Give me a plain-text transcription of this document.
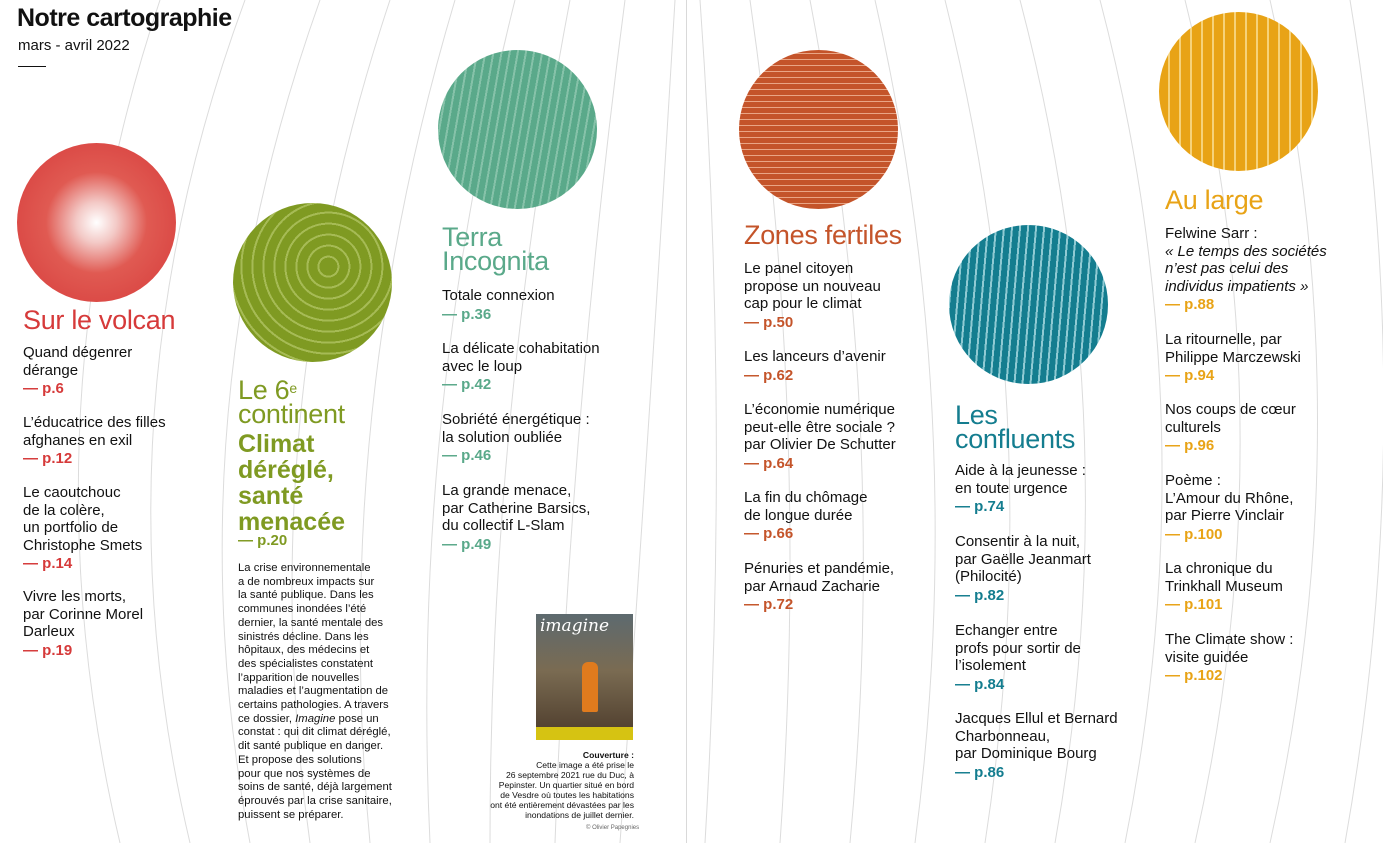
Notre cartographie
mars - avril 2022
Sur le volcan
Quand dégenrer
dérange
— p.6
L’éducatrice des filles
afghanes en exil
— p.12
Le caoutchouc
de la colère,
un portfolio de
Christophe Smets
— p.14
Vivre les morts,
par Corinne Morel
Darleux
— p.19
Le 6e
continent
Climat
déréglé,
santé
menacée
— p.20
La crise environnementale
a de nombreux impacts sur
la santé publique. Dans les
communes inondées l’été
dernier, la santé mentale des
sinistrés décline. Dans les
hôpitaux, des médecins et
des spécialistes constatent
l’apparition de nouvelles
maladies et l’augmentation de
certains pathologies. A travers
ce dossier, Imagine pose un
constat : qui dit climat déréglé,
dit santé publique en danger.
Et propose des solutions
pour que nos systèmes de
soins de santé, déjà largement
éprouvés par la crise sanitaire,
puissent se préparer.
Terra
Incognita
Totale connexion
— p.36
La délicate cohabitation
avec le loup
— p.42
Sobriété énergétique :
la solution oubliée
— p.46
La grande menace,
par Catherine Barsics,
du collectif L-Slam
— p.49
imagine
Couverture :
Cette image a été prise le
26 septembre 2021 rue du Duc, à
Pepinster. Un quartier situé en bord
de Vesdre où toutes les habitations
ont été entièrement dévastées par les
inondations de juillet dernier.
© Olivier Papegnies
Zones fertiles
Le panel citoyen
propose un nouveau
cap pour le climat
— p.50
Les lanceurs d’avenir
— p.62
L’économie numérique
peut-elle être sociale ?
par Olivier De Schutter
— p.64
La fin du chômage
de longue durée
— p.66
Pénuries et pandémie,
par Arnaud Zacharie
— p.72
Les
confluents
Aide à la jeunesse :
en toute urgence
— p.74
Consentir à la nuit,
par Gaëlle Jeanmart
(Philocité)
— p.82
Echanger entre
profs pour sortir de
l’isolement
— p.84
Jacques Ellul et Bernard
Charbonneau,
par Dominique Bourg
— p.86
Au large
Felwine Sarr :
« Le temps des sociétés
n’est pas celui des
individus impatients »
— p.88
La ritournelle, par
Philippe Marczewski
— p.94
Nos coups de cœur
culturels
— p.96
Poème :
L’Amour du Rhône,
par Pierre Vinclair
— p.100
La chronique du
Trinkhall Museum
— p.101
The Climate show :
visite guidée
— p.102
